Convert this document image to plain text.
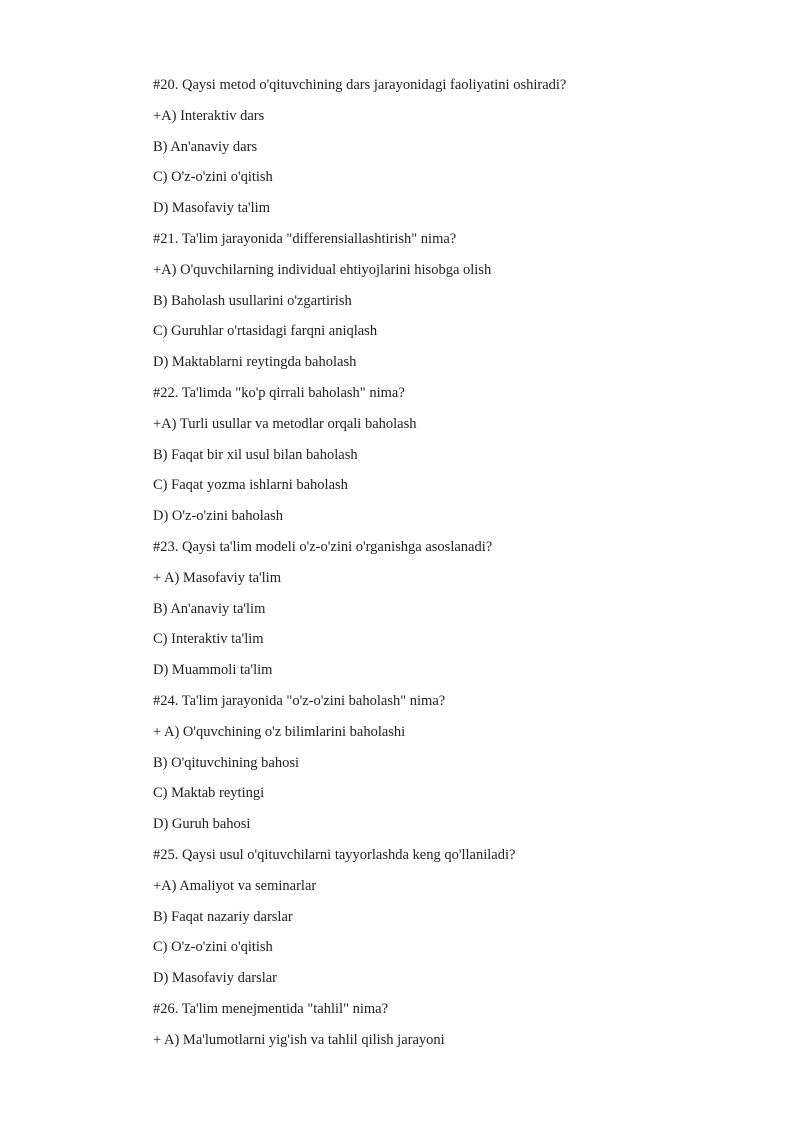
#20. Qaysi metod o'qituvchining dars jarayonidagi faoliyatini oshiradi?
+A) Interaktiv dars
B) An'anaviy dars
C) O'z-o'zini o'qitish
D) Masofaviy ta'lim
#21. Ta'lim jarayonida "differensiallashtirish" nima?
+A) O'quvchilarning individual ehtiyojlarini hisobga olish
B) Baholash usullarini o'zgartirish
C) Guruhlar o'rtasidagi farqni aniqlash
D) Maktablarni reytingda baholash
#22. Ta'limda "ko'p qirrali baholash" nima?
+A) Turli usullar va metodlar orqali baholash
B) Faqat bir xil usul bilan baholash
C) Faqat yozma ishlarni baholash
D) O'z-o'zini baholash
#23. Qaysi ta'lim modeli o'z-o'zini o'rganishga asoslanadi?
+ A) Masofaviy ta'lim
B) An'anaviy ta'lim
C) Interaktiv ta'lim
D) Muammoli ta'lim
#24. Ta'lim jarayonida "o'z-o'zini baholash" nima?
+ A) O'quvchining o'z bilimlarini baholashi
B) O'qituvchining bahosi
C) Maktab reytingi
D) Guruh bahosi
#25. Qaysi usul o'qituvchilarni tayyorlashda keng qo'llaniladi?
+A) Amaliyot va seminarlar
B) Faqat nazariy darslar
C) O'z-o'zini o'qitish
D) Masofaviy darslar
#26. Ta'lim menejmentida "tahlil" nima?
+ A) Ma'lumotlarni yig'ish va tahlil qilish jarayoni
